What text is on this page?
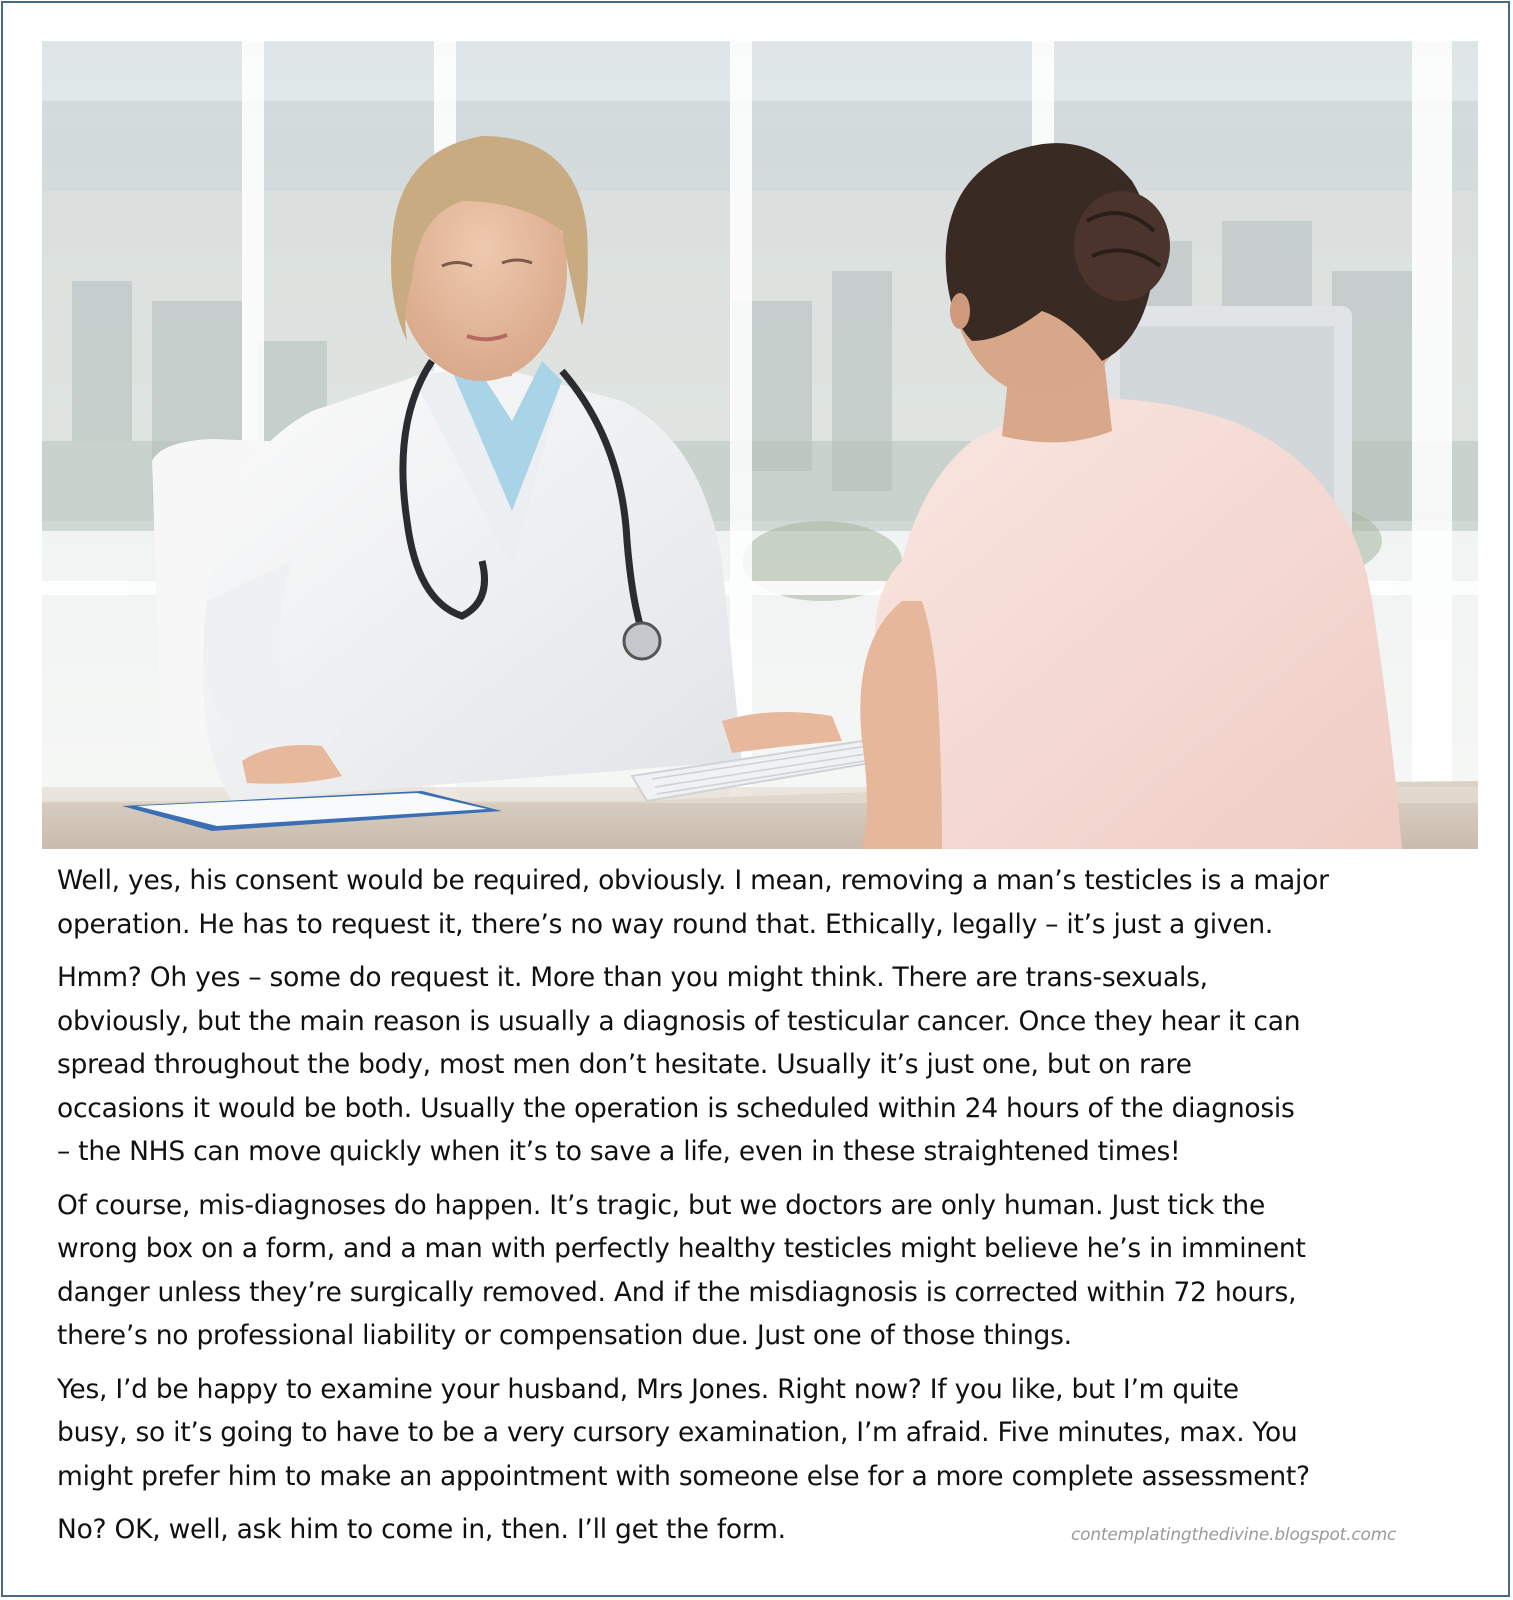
Well, yes, his consent would be required, obviously. I mean, removing a man’s testicles is a major
operation. He has to request it, there’s no way round that. Ethically, legally – it’s just a given.

Hmm? Oh yes – some do request it. More than you might think. There are trans-sexuals,
obviously, but the main reason is usually a diagnosis of testicular cancer. Once they hear it can
spread throughout the body, most men don’t hesitate. Usually it’s just one, but on rare
occasions it would be both. Usually the operation is scheduled within 24 hours of the diagnosis
– the NHS can move quickly when it’s to save a life, even in these straightened times!

Of course, mis-diagnoses do happen. It’s tragic, but we doctors are only human. Just tick the
wrong box on a form, and a man with perfectly healthy testicles might believe he’s in imminent
danger unless they’re surgically removed. And if the misdiagnosis is corrected within 72 hours,
there’s no professional liability or compensation due. Just one of those things.

Yes, I’d be happy to examine your husband, Mrs Jones. Right now? If you like, but I’m quite
busy, so it’s going to have to be a very cursory examination, I’m afraid. Five minutes, max. You
might prefer him to make an appointment with someone else for a more complete assessment?

No? OK, well, ask him to come in, then. I’ll get the form.	contemplatingthedivine.blogspot.comc
